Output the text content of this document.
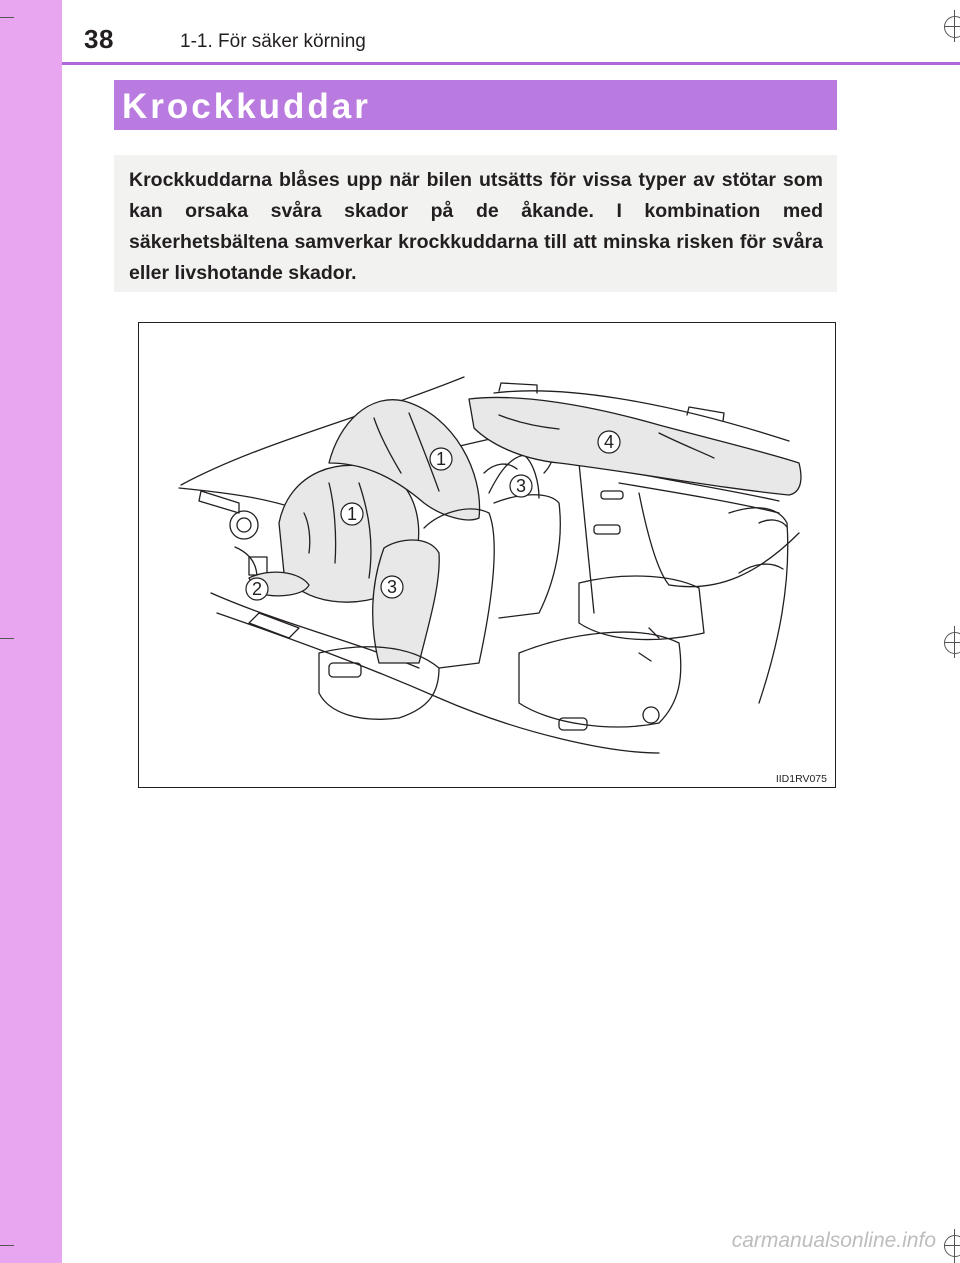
38	1-1. För säker körning
Krockkuddar
Krockkuddarna blåses upp när bilen utsätts för vissa typer av stötar som kan orsaka svåra skador på de åkande. I kombination med säkerhetsbältena samverkar krockkuddarna till att minska risken för svåra eller livshotande skador.
1
1
2
3
3
4
IID1RV075
carmanualsonline.info
